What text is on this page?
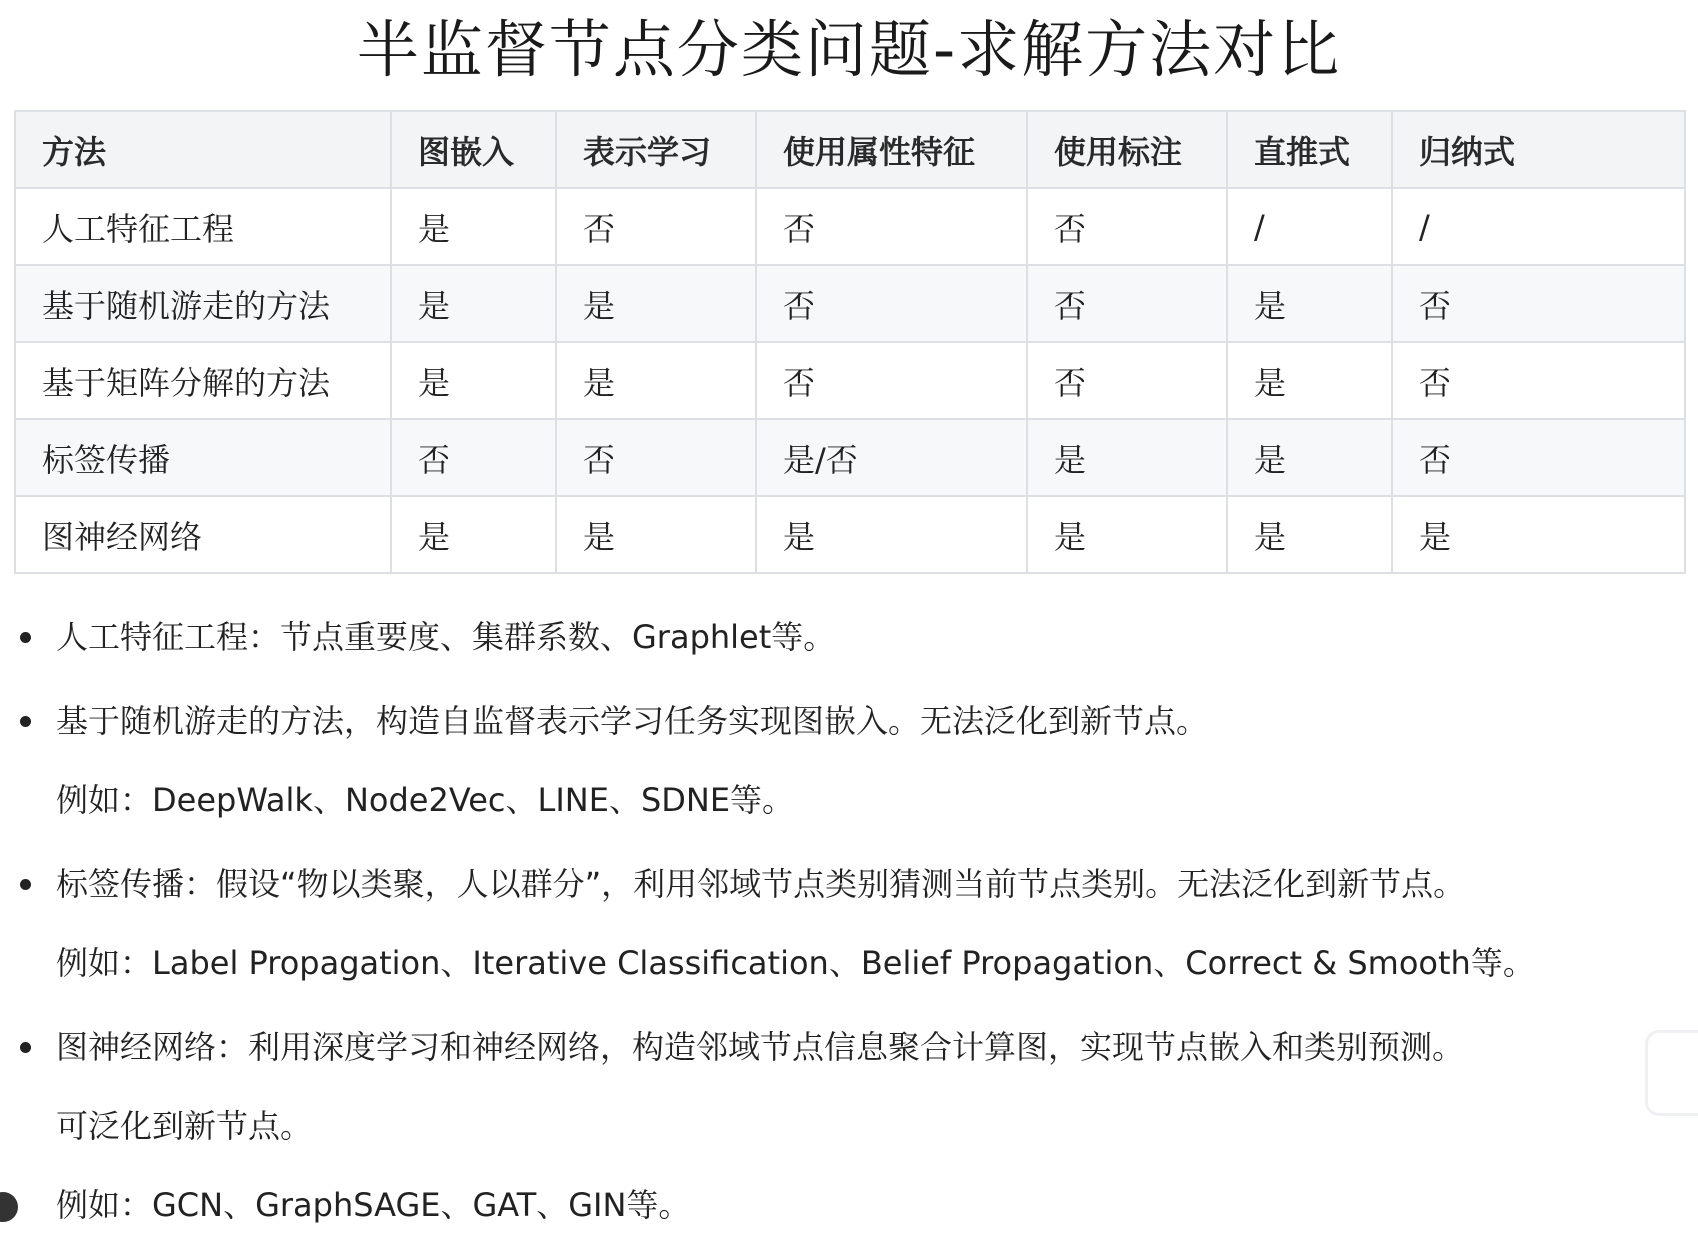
半监督节点分类问题-求解方法对比
方法	图嵌入	表示学习	使用属性特征	使用标注	直推式	归纳式
人工特征工程	是	否	否	否	/	/
基于随机游走的方法	是	是	否	否	是	否
基于矩阵分解的方法	是	是	否	否	是	否
标签传播	否	否	是/否	是	是	否
图神经网络	是	是	是	是	是	是
人工特征工程：节点重要度、集群系数、Graphlet等。
基于随机游走的方法，构造自监督表示学习任务实现图嵌入。无法泛化到新节点。
例如：DeepWalk、Node2Vec、LINE、SDNE等。
标签传播：假设“物以类聚，人以群分”，利用邻域节点类别猜测当前节点类别。无法泛化到新节点。
例如：Label Propagation、Iterative Classification、Belief Propagation、Correct & Smooth等。
图神经网络：利用深度学习和神经网络，构造邻域节点信息聚合计算图，实现节点嵌入和类别预测。
可泛化到新节点。
例如：GCN、GraphSAGE、GAT、GIN等。
